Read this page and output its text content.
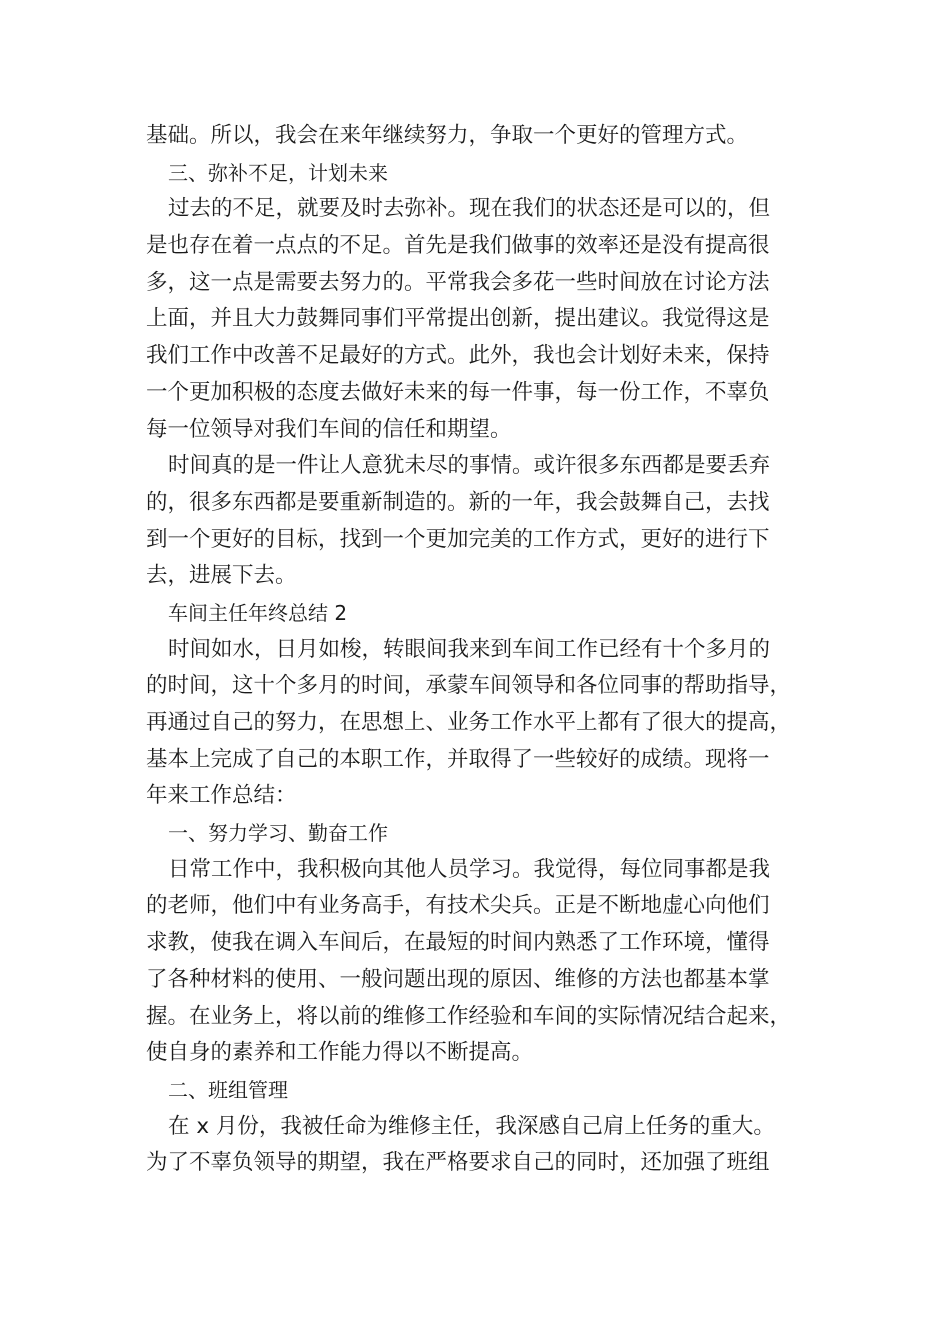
基础。所以，我会在来年继续努力，争取一个更好的管理方式。
三、弥补不足，计划未来
过去的不足，就要及时去弥补。现在我们的状态还是可以的，但
是也存在着一点点的不足。首先是我们做事的效率还是没有提高很
多，这一点是需要去努力的。平常我会多花一些时间放在讨论方法
上面，并且大力鼓舞同事们平常提出创新，提出建议。我觉得这是
我们工作中改善不足最好的方式。此外，我也会计划好未来，保持
一个更加积极的态度去做好未来的每一件事，每一份工作，不辜负
每一位领导对我们车间的信任和期望。
时间真的是一件让人意犹未尽的事情。或许很多东西都是要丢弃
的，很多东西都是要重新制造的。新的一年，我会鼓舞自己，去找
到一个更好的目标，找到一个更加完美的工作方式，更好的进行下
去，进展下去。
车间主任年终总结 2
时间如水，日月如梭，转眼间我来到车间工作已经有十个多月的
的时间，这十个多月的时间，承蒙车间领导和各位同事的帮助指导，
再通过自己的努力，在思想上、业务工作水平上都有了很大的提高，
基本上完成了自己的本职工作，并取得了一些较好的成绩。现将一
年来工作总结：
一、努力学习、勤奋工作
日常工作中，我积极向其他人员学习。我觉得，每位同事都是我
的老师，他们中有业务高手，有技术尖兵。正是不断地虚心向他们
求教，使我在调入车间后，在最短的时间内熟悉了工作环境，懂得
了各种材料的使用、一般问题出现的原因、维修的方法也都基本掌
握。在业务上，将以前的维修工作经验和车间的实际情况结合起来，
使自身的素养和工作能力得以不断提高。
二、班组管理
在 x 月份，我被任命为维修主任，我深感自己肩上任务的重大。
为了不辜负领导的期望，我在严格要求自己的同时，还加强了班组
